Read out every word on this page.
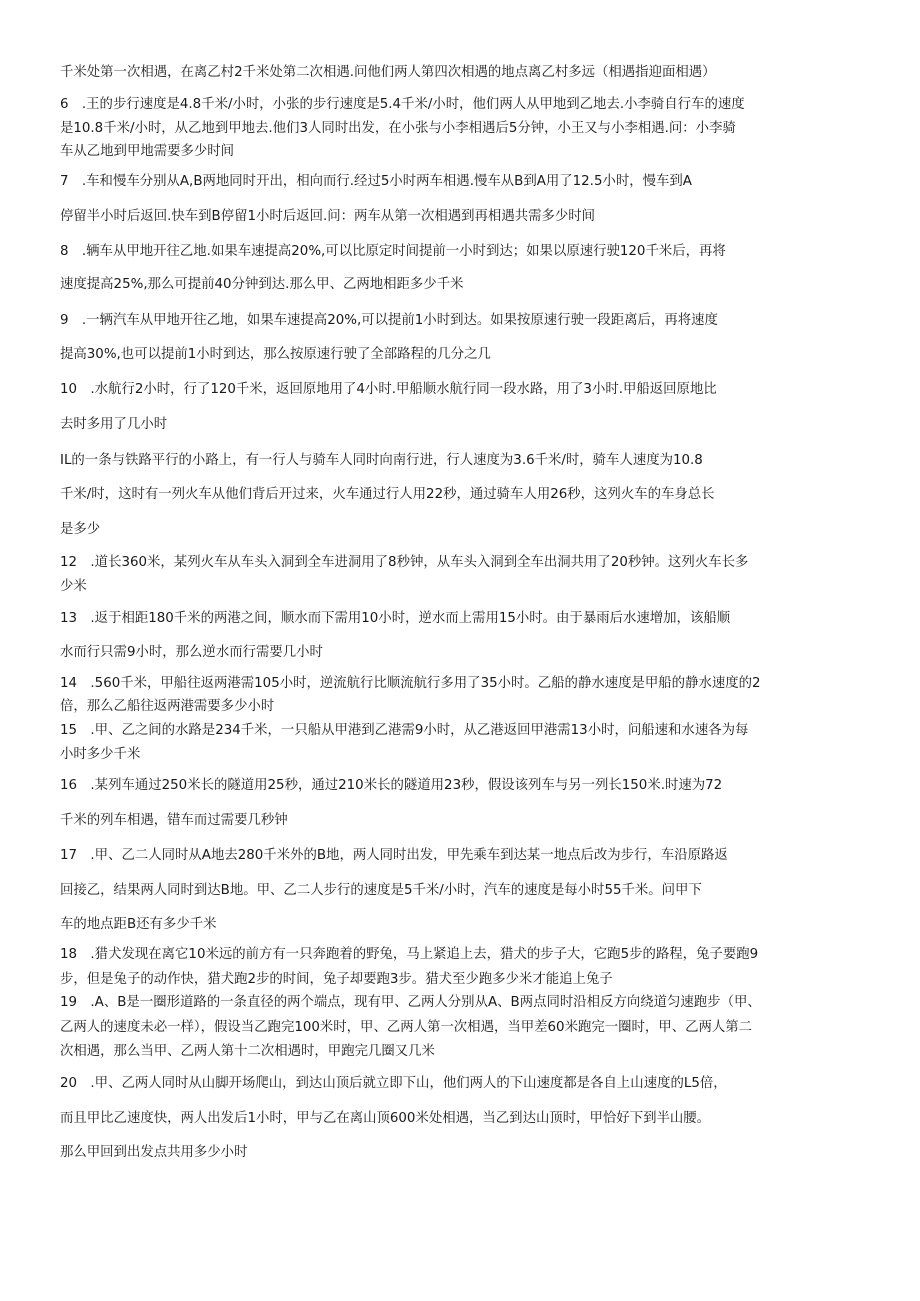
千米处第一次相遇，在离乙村2千米处第二次相遇.问他们两人第四次相遇的地点离乙村多远（相遇指迎面相遇）
6　.王的步行速度是4.8千米/小时，小张的步行速度是5.4千米/小时，他们两人从甲地到乙地去.小李骑自行车的速度
是10.8千米/小时，从乙地到甲地去.他们3人同时出发，在小张与小李相遇后5分钟，小王又与小李相遇.问：小李骑
车从乙地到甲地需要多少时间
7　.车和慢车分别从A,B两地同时开出，相向而行.经过5小时两车相遇.慢车从B到A用了12.5小时，慢车到A
停留半小时后返回.快车到B停留1小时后返回.问：两车从第一次相遇到再相遇共需多少时间
8　.辆车从甲地开往乙地.如果车速提高20%,可以比原定时间提前一小时到达；如果以原速行驶120千米后，再将
速度提高25%,那么可提前40分钟到达.那么甲、乙两地相距多少千米
9　.一辆汽车从甲地开往乙地，如果车速提高20%,可以提前1小时到达。如果按原速行驶一段距离后，再将速度
提高30%,也可以提前1小时到达，那么按原速行驶了全部路程的几分之几
10　.水航行2小时，行了120千米，返回原地用了4小时.甲船顺水航行同一段水路，用了3小时.甲船返回原地比
去时多用了几小时
IL的一条与铁路平行的小路上，有一行人与骑车人同时向南行进，行人速度为3.6千米/时，骑车人速度为10.8
千米/时，这时有一列火车从他们背后开过来，火车通过行人用22秒，通过骑车人用26秒，这列火车的车身总长
是多少
12　.道长360米，某列火车从车头入洞到全车进洞用了8秒钟，从车头入洞到全车出洞共用了20秒钟。这列火车长多
少米
13　.返于相距180千米的两港之间，顺水而下需用10小时，逆水而上需用15小时。由于暴雨后水速增加，该船顺
水而行只需9小时，那么逆水而行需要几小时
14　.560千米，甲船往返两港需105小时，逆流航行比顺流航行多用了35小时。乙船的静水速度是甲船的静水速度的2
倍，那么乙船往返两港需要多少小时
15　.甲、乙之间的水路是234千米，一只船从甲港到乙港需9小时，从乙港返回甲港需13小时，问船速和水速各为每
小时多少千米
16　.某列车通过250米长的隧道用25秒，通过210米长的隧道用23秒，假设该列车与另一列长150米.时速为72
千米的列车相遇，错车而过需要几秒钟
17　.甲、乙二人同时从A地去280千米外的B地，两人同时出发，甲先乘车到达某一地点后改为步行，车沿原路返
回接乙，结果两人同时到达B地。甲、乙二人步行的速度是5千米/小时，汽车的速度是每小时55千米。问甲下
车的地点距B还有多少千米
18　.猎犬发现在离它10米远的前方有一只奔跑着的野兔，马上紧追上去，猎犬的步子大，它跑5步的路程，兔子要跑9
步，但是兔子的动作快，猎犬跑2步的时间，兔子却要跑3步。猎犬至少跑多少米才能追上兔子
19　.A、B是一圈形道路的一条直径的两个端点，现有甲、乙两人分别从A、B两点同时沿相反方向绕道匀速跑步（甲、
乙两人的速度未必一样），假设当乙跑完100米时，甲、乙两人第一次相遇，当甲差60米跑完一圈时，甲、乙两人第二
次相遇，那么当甲、乙两人第十二次相遇时，甲跑完几圈又几米
20　.甲、乙两人同时从山脚开场爬山，到达山顶后就立即下山，他们两人的下山速度都是各自上山速度的L5倍，
而且甲比乙速度快，两人出发后1小时，甲与乙在离山顶600米处相遇，当乙到达山顶时，甲恰好下到半山腰。
那么甲回到出发点共用多少小时
